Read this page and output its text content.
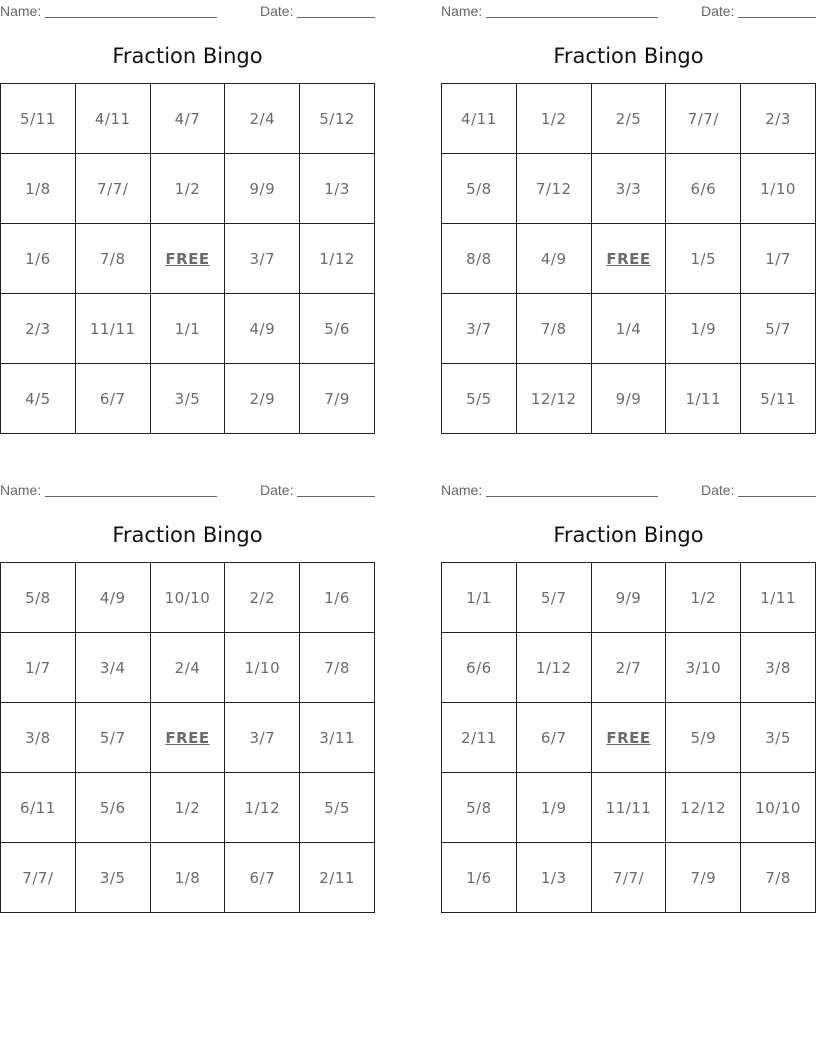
Name:	Date:
Fraction Bingo
5/11	4/11	4/7	2/4	5/12
1/8	7/7/	1/2	9/9	1/3
1/6	7/8	FREE	3/7	1/12
2/3	11/11	1/1	4/9	5/6
4/5	6/7	3/5	2/9	7/9
Name:	Date:
Fraction Bingo
4/11	1/2	2/5	7/7/	2/3
5/8	7/12	3/3	6/6	1/10
8/8	4/9	FREE	1/5	1/7
3/7	7/8	1/4	1/9	5/7
5/5	12/12	9/9	1/11	5/11
Name:	Date:
Fraction Bingo
5/8	4/9	10/10	2/2	1/6
1/7	3/4	2/4	1/10	7/8
3/8	5/7	FREE	3/7	3/11
6/11	5/6	1/2	1/12	5/5
7/7/	3/5	1/8	6/7	2/11
Name:	Date:
Fraction Bingo
1/1	5/7	9/9	1/2	1/11
6/6	1/12	2/7	3/10	3/8
2/11	6/7	FREE	5/9	3/5
5/8	1/9	11/11	12/12	10/10
1/6	1/3	7/7/	7/9	7/8
